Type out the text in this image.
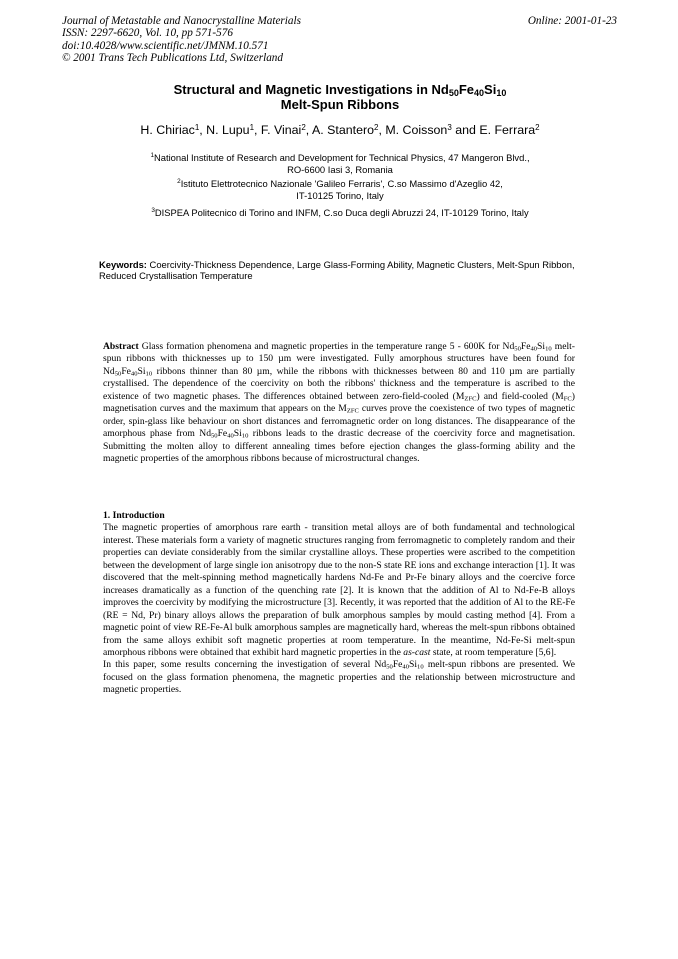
Journal of Metastable and Nanocrystalline Materials
ISSN: 2297-6620, Vol. 10, pp 571-576
doi:10.4028/www.scientific.net/JMNM.10.571
© 2001 Trans Tech Publications Ltd, Switzerland
Online: 2001-01-23
Structural and Magnetic Investigations in $Nd_{50}Fe_{40}Si_{10}$
Melt-Spun Ribbons
H. Chiriac$^1$, N. Lupu$^1$, F. Vinai$^2$, A. Stantero$^2$, M. Coisson$^3$ and E. Ferrara$^2$
$^1$National Institute of Research and Development for Technical Physics, 47 Mangeron Blvd.,
RO-6600 Iasi 3, Romania
$^2$Istituto Elettrotecnico Nazionale 'Galileo Ferraris', C.so Massimo d'Azeglio 42,
IT-10125 Torino, Italy
$^3$DISPEA Politecnico di Torino and INFM, C.so Duca degli Abruzzi 24, IT-10129 Torino, Italy
Keywords: Coercivity-Thickness Dependence, Large Glass-Forming Ability, Magnetic Clusters, Melt-Spun Ribbon, Reduced Crystallisation Temperature
Abstract Glass formation phenomena and magnetic properties in the temperature range 5 - 600K for $Nd_{50}Fe_{40}Si_{10}$ melt-spun ribbons with thicknesses up to 150 µm were investigated. Fully amorphous structures have been found for $Nd_{50}Fe_{40}Si_{10}$ ribbons thinner than 80 µm, while the ribbons with thicknesses between 80 and 110 µm are partially crystallised. The dependence of the coercivity on both the ribbons' thickness and the temperature is ascribed to the existence of two magnetic phases. The differences obtained between zero-field-cooled $(M_{ZFC})$ and field-cooled $(M_{FC})$ magnetisation curves and the maximum that appears on the $M_{ZFC}$ curves prove the coexistence of two types of magnetic order, spin-glass like behaviour on short distances and ferromagnetic order on long distances. The disappearance of the amorphous phase from $Nd_{50}Fe_{40}Si_{10}$ ribbons leads to the drastic decrease of the coercivity force and magnetisation. Submitting the molten alloy to different annealing times before ejection changes the glass-forming ability and the magnetic properties of the amorphous ribbons because of microstructural changes.
1. Introduction

The magnetic properties of amorphous rare earth - transition metal alloys are of both fundamental and technological interest. These materials form a variety of magnetic structures ranging from ferromagnetic to completely random and their properties can deviate considerably from the similar crystalline alloys. These properties were ascribed to the competition between the development of large single ion anisotropy due to the non-S state RE ions and exchange interaction [1]. It was discovered that the melt-spinning method magnetically hardens Nd-Fe and Pr-Fe binary alloys and the coercive force increases dramatically as a function of the quenching rate [2]. It is known that the addition of Al to Nd-Fe-B alloys improves the coercivity by modifying the microstructure [3]. Recently, it was reported that the addition of Al to the RE-Fe (RE = Nd, Pr) binary alloys allows the preparation of bulk amorphous samples by mould casting method [4]. From a magnetic point of view RE-Fe-Al bulk amorphous samples are magnetically hard, whereas the melt-spun ribbons obtained from the same alloys exhibit soft magnetic properties at room temperature. In the meantime, Nd-Fe-Si melt-spun amorphous ribbons were obtained that exhibit hard magnetic properties in the as-cast state, at room temperature [5,6].

In this paper, some results concerning the investigation of several $Nd_{50}Fe_{40}Si_{10}$ melt-spun ribbons are presented. We focused on the glass formation phenomena, the magnetic properties and the relationship between microstructure and magnetic properties.
